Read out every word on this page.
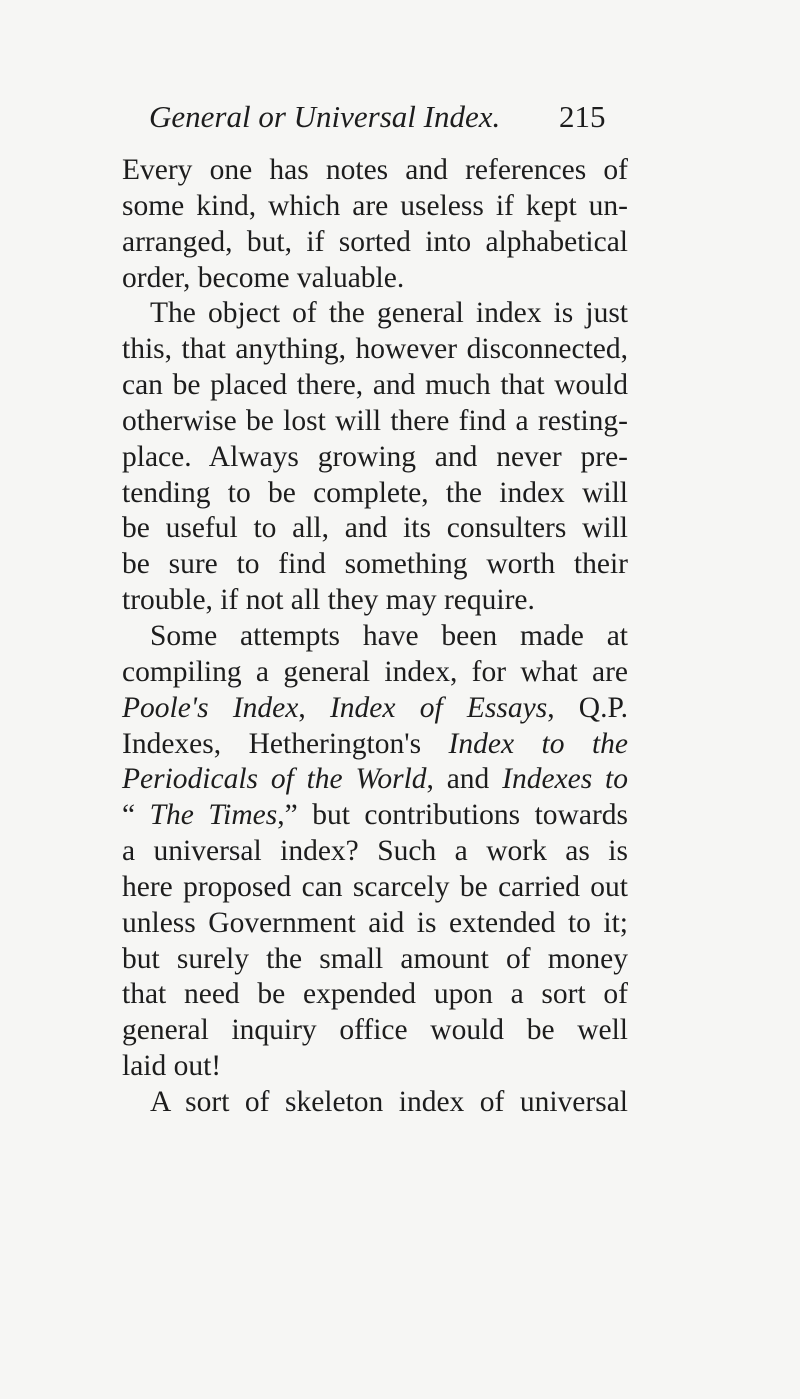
General or Universal Index. 215
Every one has notes and references of
some kind, which are useless if kept un-
arranged, but, if sorted into alphabetical
order, become valuable.
The object of the general index is just
this, that anything, however disconnected,
can be placed there, and much that would
otherwise be lost will there find a resting-
place. Always growing and never pre-
tending to be complete, the index will
be useful to all, and its consulters will
be sure to find something worth their
trouble, if not all they may require.
Some attempts have been made at
compiling a general index, for what are
Poole's Index, Index of Essays, Q.P.
Indexes, Hetherington's Index to the
Periodicals of the World, and Indexes to
“ The Times,” but contributions towards
a universal index? Such a work as is
here proposed can scarcely be carried out
unless Government aid is extended to it;
but surely the small amount of money
that need be expended upon a sort of
general inquiry office would be well
laid out!
A sort of skeleton index of universal
